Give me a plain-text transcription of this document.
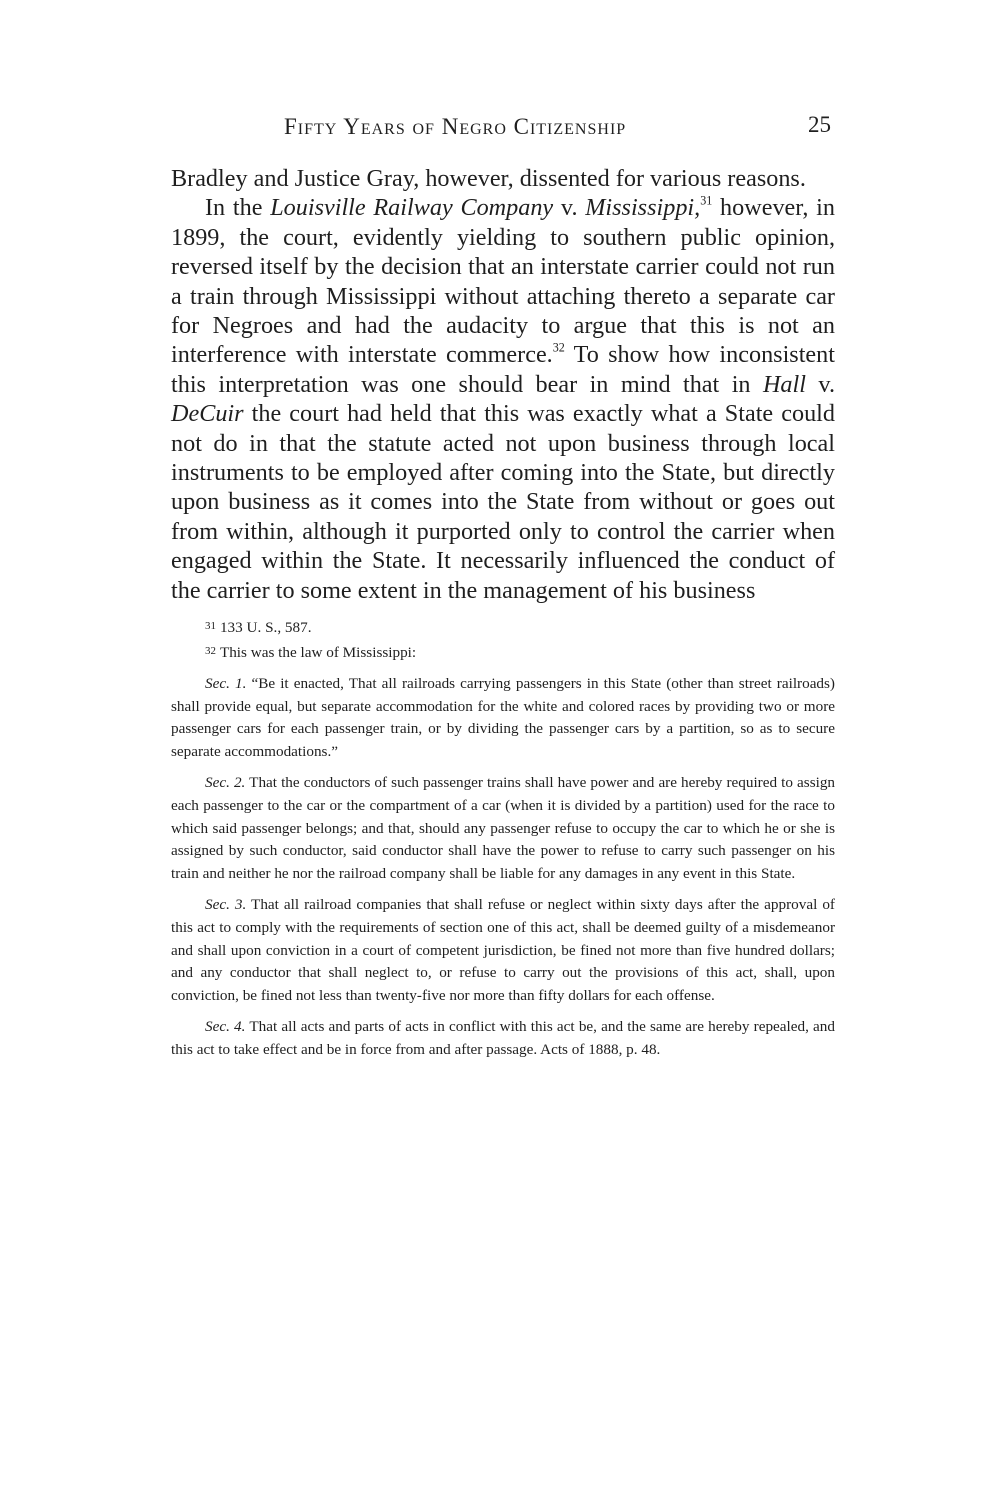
Fifty Years of Negro Citizenship	25

Bradley and Justice Gray, however, dissented for various reasons.

In the Louisville Railway Company v. Mississippi,$^{31}$ however, in 1899, the court, evidently yielding to southern public opinion, reversed itself by the decision that an interstate carrier could not run a train through Mississippi without attaching thereto a separate car for Negroes and had the audacity to argue that this is not an interference with interstate commerce.$^{32}$ To show how inconsistent this interpretation was one should bear in mind that in Hall v. DeCuir the court had held that this was exactly what a State could not do in that the statute acted not upon business through local instruments to be employed after coming into the State, but directly upon business as it comes into the State from without or goes out from within, although it purported only to control the carrier when engaged within the State. It necessarily influenced the conduct of the carrier to some extent in the management of his business

$^{31}$ 133 U. S., 587.

$^{32}$ This was the law of Mississippi:

Sec. 1. “Be it enacted, That all railroads carrying passengers in this State (other than street railroads) shall provide equal, but separate accommodation for the white and colored races by providing two or more passenger cars for each passenger train, or by dividing the passenger cars by a partition, so as to secure separate accommodations.”

Sec. 2. That the conductors of such passenger trains shall have power and are hereby required to assign each passenger to the car or the compartment of a car (when it is divided by a partition) used for the race to which said passenger belongs; and that, should any passenger refuse to occupy the car to which he or she is assigned by such conductor, said conductor shall have the power to refuse to carry such passenger on his train and neither he nor the railroad company shall be liable for any damages in any event in this State.

Sec. 3. That all railroad companies that shall refuse or neglect within sixty days after the approval of this act to comply with the requirements of section one of this act, shall be deemed guilty of a misdemeanor and shall upon conviction in a court of competent jurisdiction, be fined not more than five hundred dollars; and any conductor that shall neglect to, or refuse to carry out the provisions of this act, shall, upon conviction, be fined not less than twenty-five nor more than fifty dollars for each offense.

Sec. 4. That all acts and parts of acts in conflict with this act be, and the same are hereby repealed, and this act to take effect and be in force from and after passage. Acts of 1888, p. 48.
